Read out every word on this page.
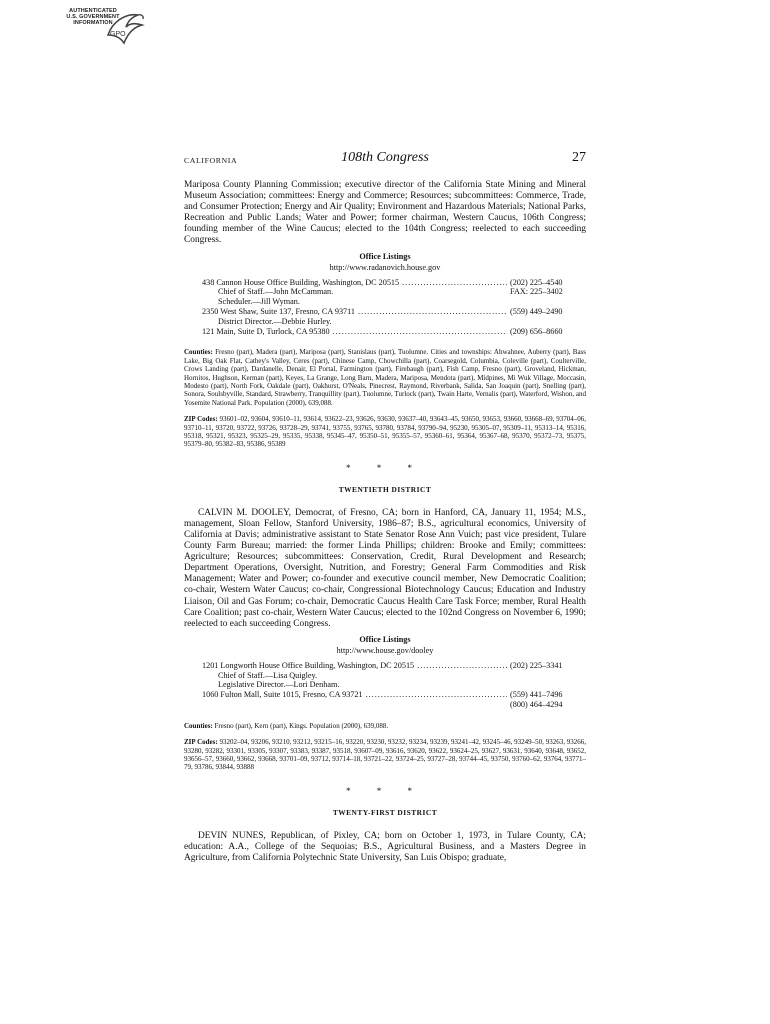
AUTHENTICATED
U.S. GOVERNMENT
INFORMATION
GPO
CALIFORNIA	108th Congress	27

Mariposa County Planning Commission; executive director of the California State Mining and Mineral Museum Association; committees: Energy and Commerce; Resources; subcommittees: Commerce, Trade, and Consumer Protection; Energy and Air Quality; Environment and Hazardous Materials; National Parks, Recreation and Public Lands; Water and Power; former chairman, Western Caucus, 106th Congress; founding member of the Wine Caucus; elected to the 104th Congress; reelected to each succeeding Congress.

Office Listings
http://www.radanovich.house.gov
438 Cannon House Office Building, Washington, DC 20515 .....	(202) 225–4540
Chief of Staff.—John McCamman.	FAX: 225–3402
Scheduler.—Jill Wyman.
2350 West Shaw, Suite 137, Fresno, CA 93711 .....	(559) 449–2490
District Director.—Debbie Hurley.
121 Main, Suite D, Turlock, CA 95380 .....	(209) 656–8660

Counties: Fresno (part), Madera (part), Mariposa (part), Stanislaus (part), Tuolumne. Cities and townships: Ahwahnee, Auberry (part), Bass Lake, Big Oak Flat, Cathey's Valley, Ceres (part), Chinese Camp, Chowchilla (part), Coarsegold, Columbia, Coleville (part), Coulterville, Crows Landing (part), Dardanelle, Denair, El Portal, Farmington (part), Firebaugh (part), Fish Camp, Fresno (part), Groveland, Hickman, Hornitos, Hughson, Kerman (part), Keyes, La Grange, Long Barn, Madera, Mariposa, Mendota (part), Midpines, Mi Wuk Village, Moccasin, Modesto (part), North Fork, Oakdale (part), Oakhurst, O'Neals, Pinecrest, Raymond, Riverbank, Salida, San Joaquin (part), Snelling (part), Sonora, Soulsbyville, Standard, Strawberry, Tranquillity (part), Tuolumne, Turlock (part), Twain Harte, Vernalis (part), Waterford, Wishon, and Yosemite National Park. Population (2000), 639,088.

ZIP Codes: 93601–02, 93604, 93610–11, 93614, 93622–23, 93626, 93630, 93637–40, 93643–45, 93650, 93653, 93660, 93668–69, 93704–06, 93710–11, 93720, 93722, 93726, 93728–29, 93741, 93755, 93765, 93780, 93784, 93790–94, 95230, 95305–07, 95309–11, 95313–14, 95316, 95318, 95321, 95323, 95325–29, 95335, 95338, 95345–47, 95350–51, 95355–57, 95360–61, 95364, 95367–68, 95370, 95372–73, 95375, 95379–80, 95382–83, 95386, 95389

* * *
TWENTIETH DISTRICT

CALVIN M. DOOLEY, Democrat, of Fresno, CA; born in Hanford, CA, January 11, 1954; M.S., management, Sloan Fellow, Stanford University, 1986–87; B.S., agricultural economics, University of California at Davis; administrative assistant to State Senator Rose Ann Vuich; past vice president, Tulare County Farm Bureau; married: the former Linda Phillips; children: Brooke and Emily; committees: Agriculture; Resources; subcommittees: Conservation, Credit, Rural Development and Research; Department Operations, Oversight, Nutrition, and Forestry; General Farm Commodities and Risk Management; Water and Power; co-founder and executive council member, New Democratic Coalition; co-chair, Western Water Caucus; co-chair, Congressional Biotechnology Caucus; Education and Industry Liaison, Oil and Gas Forum; co-chair, Democratic Caucus Health Care Task Force; member, Rural Health Care Coalition; past co-chair, Western Water Caucus; elected to the 102nd Congress on November 6, 1990; reelected to each succeeding Congress.

Office Listings
http://www.house.gov/dooley
1201 Longworth House Office Building, Washington, DC 20515 .....	(202) 225–3341
Chief of Staff.—Lisa Quigley.
Legislative Director.—Lori Denham.
1060 Fulton Mall, Suite 1015, Fresno, CA 93721 .....	(559) 441–7496
(800) 464–4294

Counties: Fresno (part), Kern (part), Kings. Population (2000), 639,088.

ZIP Codes: 93202–04, 93206, 93210, 93212, 93215–16, 93220, 93230, 93232, 93234, 93239, 93241–42, 93245–46, 93249–50, 93263, 93266, 93280, 93282, 93301, 93305, 93307, 93383, 93387, 93518, 93607–09, 93616, 93620, 93622, 93624–25, 93627, 93631, 93640, 93648, 93652, 93656–57, 93660, 93662, 93668, 93701–09, 93712, 93714–18, 93721–22, 93724–25, 93727–28, 93744–45, 93750, 93760–62, 93764, 93771–79, 93786, 93844, 93888

* * *
TWENTY-FIRST DISTRICT

DEVIN NUNES, Republican, of Pixley, CA; born on October 1, 1973, in Tulare County, CA; education: A.A., College of the Sequoias; B.S., Agricultural Business, and a Masters Degree in Agriculture, from California Polytechnic State University, San Luis Obispo; graduate,
